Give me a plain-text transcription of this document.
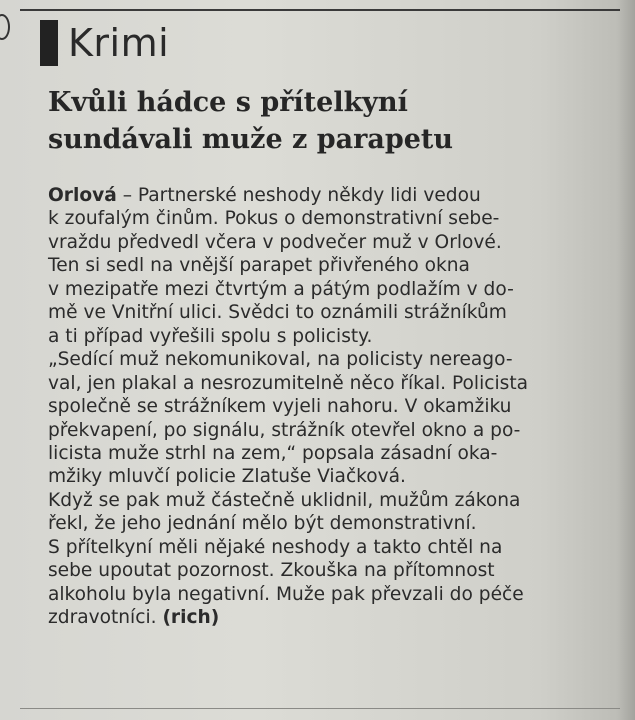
Krimi
Kvůli hádce s přítelkyní
sundávali muže z parapetu
Orlová – Partnerské neshody někdy lidi vedou
k zoufalým činům. Pokus o demonstrativní sebe-
vraždu předvedl včera v podvečer muž v Orlové.
Ten si sedl na vnější parapet přivřeného okna
v mezipatře mezi čtvrtým a pátým podlažím v do-
mě ve Vnitřní ulici. Svědci to oznámili strážníkům
a ti případ vyřešili spolu s policisty.
„Sedící muž nekomunikoval, na policisty nereago-
val, jen plakal a nesrozumitelně něco říkal. Policista
společně se strážníkem vyjeli nahoru. V okamžiku
překvapení, po signálu, strážník otevřel okno a po-
licista muže strhl na zem,“ popsala zásadní oka-
mžiky mluvčí policie Zlatuše Viačková.
Když se pak muž částečně uklidnil, mužům zákona
řekl, že jeho jednání mělo být demonstrativní.
S přítelkyní měli nějaké neshody a takto chtěl na
sebe upoutat pozornost. Zkouška na přítomnost
alkoholu byla negativní. Muže pak převzali do péče
zdravotníci. (rich)
